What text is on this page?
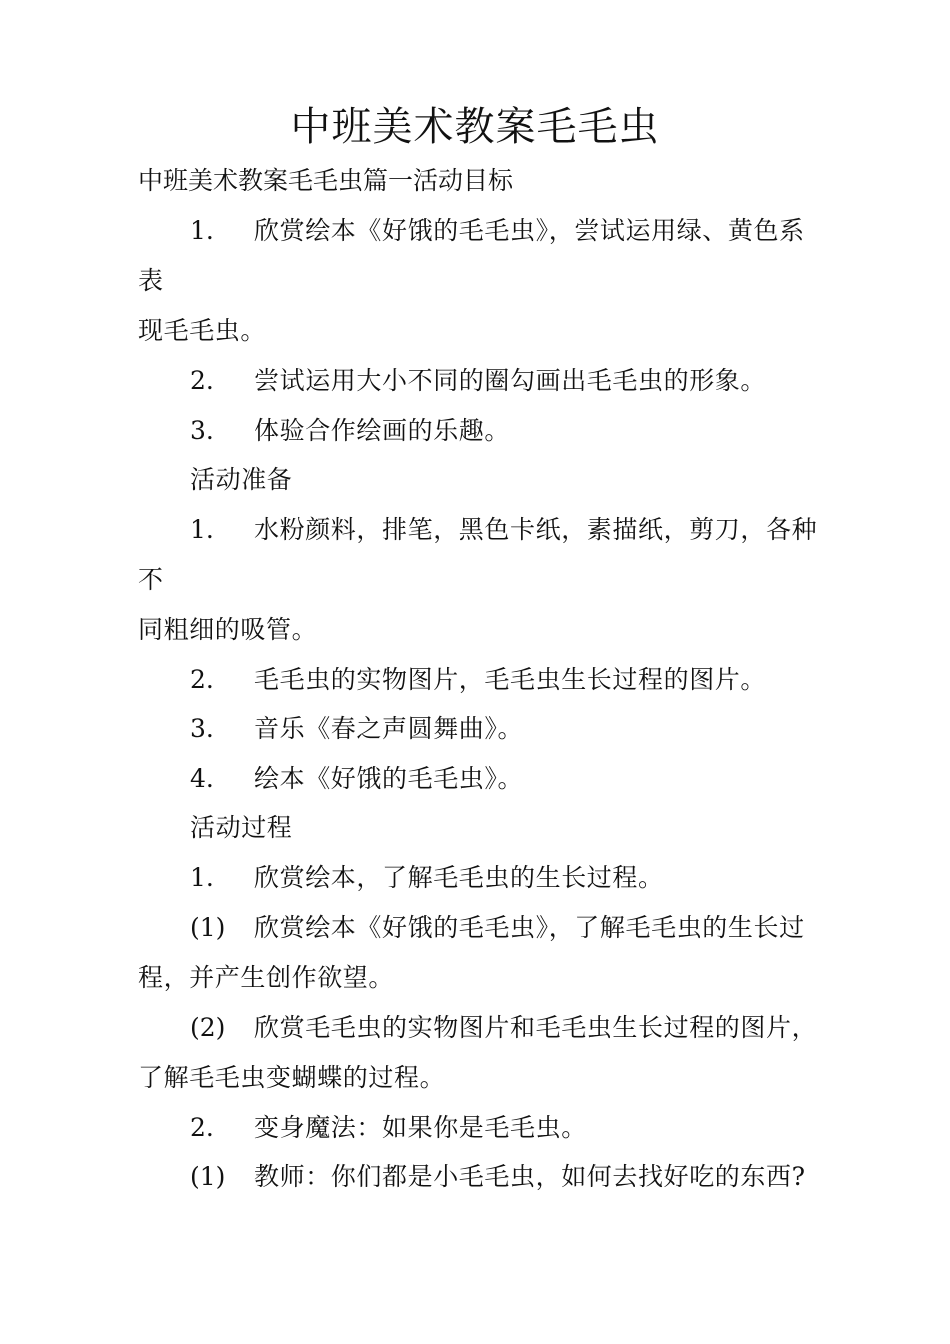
中班美术教案毛毛虫

中班美术教案毛毛虫篇一活动目标

1. 欣赏绘本《好饿的毛毛虫》，尝试运用绿、黄色系
表
现毛毛虫。
2. 尝试运用大小不同的圈勾画出毛毛虫的形象。
3. 体验合作绘画的乐趣。
活动准备
1. 水粉颜料，排笔，黑色卡纸，素描纸，剪刀，各种
不
同粗细的吸管。
2. 毛毛虫的实物图片，毛毛虫生长过程的图片。
3. 音乐《春之声圆舞曲》。
4. 绘本《好饿的毛毛虫》。
活动过程
1. 欣赏绘本，了解毛毛虫的生长过程。
(1) 欣赏绘本《好饿的毛毛虫》，了解毛毛虫的生长过
程，并产生创作欲望。
(2) 欣赏毛毛虫的实物图片和毛毛虫生长过程的图片，
了解毛毛虫变蝴蝶的过程。
2. 变身魔法：如果你是毛毛虫。
(1) 教师：你们都是小毛毛虫，如何去找好吃的东西?
